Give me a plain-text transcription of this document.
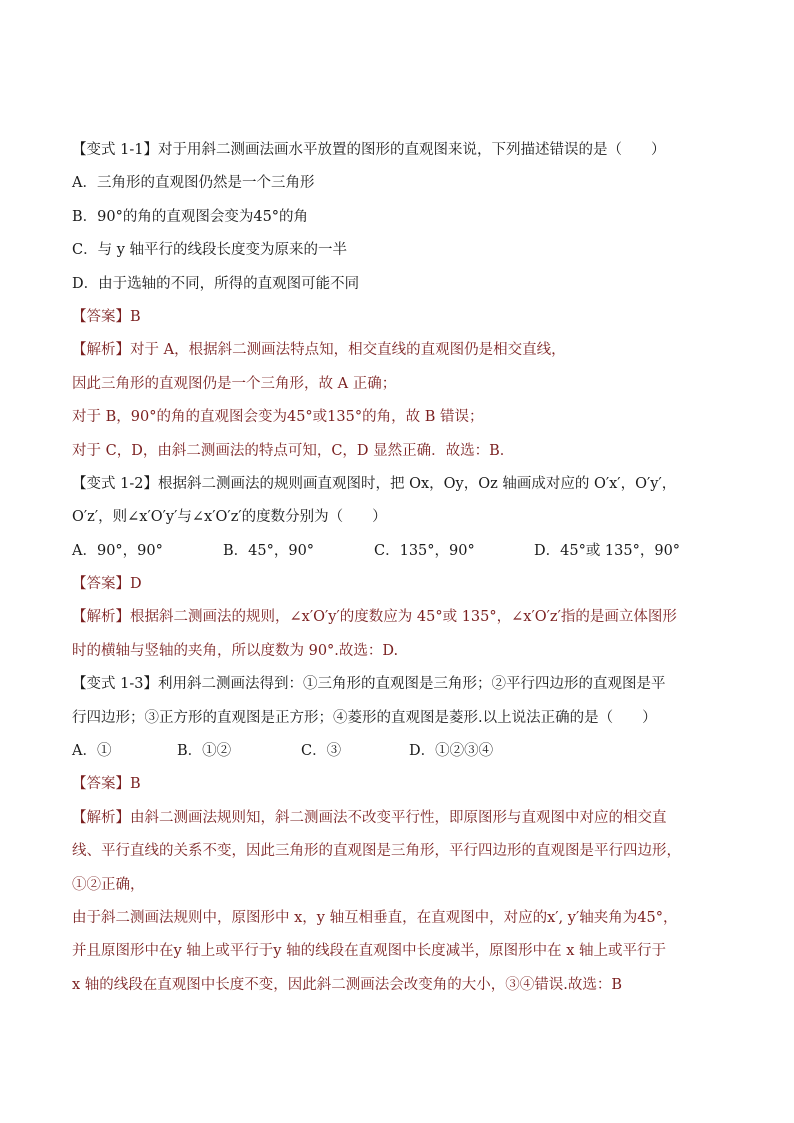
【变式 1-1】对于用斜二测画法画水平放置的图形的直观图来说，下列描述错误的是（　　）
A．三角形的直观图仍然是一个三角形
B．90°的角的直观图会变为45°的角
C．与 y 轴平行的线段长度变为原来的一半
D．由于选轴的不同，所得的直观图可能不同
【答案】B
【解析】对于 A，根据斜二测画法特点知，相交直线的直观图仍是相交直线，
因此三角形的直观图仍是一个三角形，故 A 正确；
对于 B，90°的角的直观图会变为45°或135°的角，故 B 错误；
对于 C，D，由斜二测画法的特点可知，C，D 显然正确．故选：B．
【变式 1-2】根据斜二测画法的规则画直观图时，把 Ox，Oy，Oz 轴画成对应的 O′x′，O′y′，
O′z′，则∠x′O′y′与∠x′O′z′的度数分别为（　　）
A．90°，90°	B．45°，90°	C．135°，90°	D．45°或 135°，90°
【答案】D
【解析】根据斜二测画法的规则，∠x′O′y′的度数应为 45°或 135°，∠x′O′z′指的是画立体图形
时的横轴与竖轴的夹角，所以度数为 90°.故选：D.
【变式 1-3】利用斜二测画法得到：①三角形的直观图是三角形；②平行四边形的直观图是平
行四边形；③正方形的直观图是正方形；④菱形的直观图是菱形.以上说法正确的是（　　）
A．①	B．①②	C．③	D．①②③④
【答案】B
【解析】由斜二测画法规则知，斜二测画法不改变平行性，即原图形与直观图中对应的相交直
线、平行直线的关系不变，因此三角形的直观图是三角形，平行四边形的直观图是平行四边形，
①②正确，
由于斜二测画法规则中，原图形中 x，y 轴互相垂直，在直观图中，对应的x′, y′轴夹角为45°，
并且原图形中在y 轴上或平行于y 轴的线段在直观图中长度减半，原图形中在 x 轴上或平行于
x 轴的线段在直观图中长度不变，因此斜二测画法会改变角的大小，③④错误.故选：B
